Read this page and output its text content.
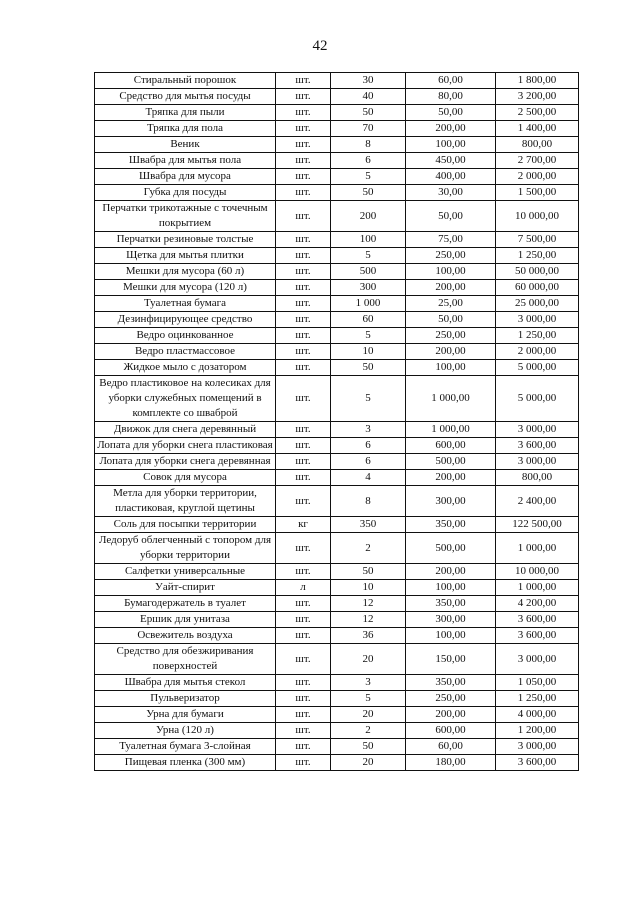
42
Стиральный порошок	шт.	30	60,00	1 800,00
Средство для мытья посуды	шт.	40	80,00	3 200,00
Тряпка для пыли	шт.	50	50,00	2 500,00
Тряпка для пола	шт.	70	200,00	1 400,00
Веник	шт.	8	100,00	800,00
Швабра для мытья пола	шт.	6	450,00	2 700,00
Швабра для мусора	шт.	5	400,00	2 000,00
Губка для посуды	шт.	50	30,00	1 500,00
Перчатки трикотажные с точечным покрытием	шт.	200	50,00	10 000,00
Перчатки резиновые толстые	шт.	100	75,00	7 500,00
Щетка для мытья плитки	шт.	5	250,00	1 250,00
Мешки для мусора (60 л)	шт.	500	100,00	50 000,00
Мешки для мусора (120 л)	шт.	300	200,00	60 000,00
Туалетная бумага	шт.	1 000	25,00	25 000,00
Дезинфицирующее средство	шт.	60	50,00	3 000,00
Ведро оцинкованное	шт.	5	250,00	1 250,00
Ведро пластмассовое	шт.	10	200,00	2 000,00
Жидкое мыло с дозатором	шт.	50	100,00	5 000,00
Ведро пластиковое на колесиках для уборки служебных помещений в комплекте со шваброй	шт.	5	1 000,00	5 000,00
Движок для снега деревянный	шт.	3	1 000,00	3 000,00
Лопата для уборки снега пластиковая	шт.	6	600,00	3 600,00
Лопата для уборки снега деревянная	шт.	6	500,00	3 000,00
Совок для мусора	шт.	4	200,00	800,00
Метла для уборки территории, пластиковая, круглой щетины	шт.	8	300,00	2 400,00
Соль для посыпки территории	кг	350	350,00	122 500,00
Ледоруб облегченный с топором для уборки территории	шт.	2	500,00	1 000,00
Салфетки универсальные	шт.	50	200,00	10 000,00
Уайт-спирит	л	10	100,00	1 000,00
Бумагодержатель в туалет	шт.	12	350,00	4 200,00
Ершик для унитаза	шт.	12	300,00	3 600,00
Освежитель воздуха	шт.	36	100,00	3 600,00
Средство для обезжиривания поверхностей	шт.	20	150,00	3 000,00
Швабра для мытья стекол	шт.	3	350,00	1 050,00
Пульверизатор	шт.	5	250,00	1 250,00
Урна для бумаги	шт.	20	200,00	4 000,00
Урна (120 л)	шт.	2	600,00	1 200,00
Туалетная бумага 3-слойная	шт.	50	60,00	3 000,00
Пищевая пленка (300 мм)	шт.	20	180,00	3 600,00
